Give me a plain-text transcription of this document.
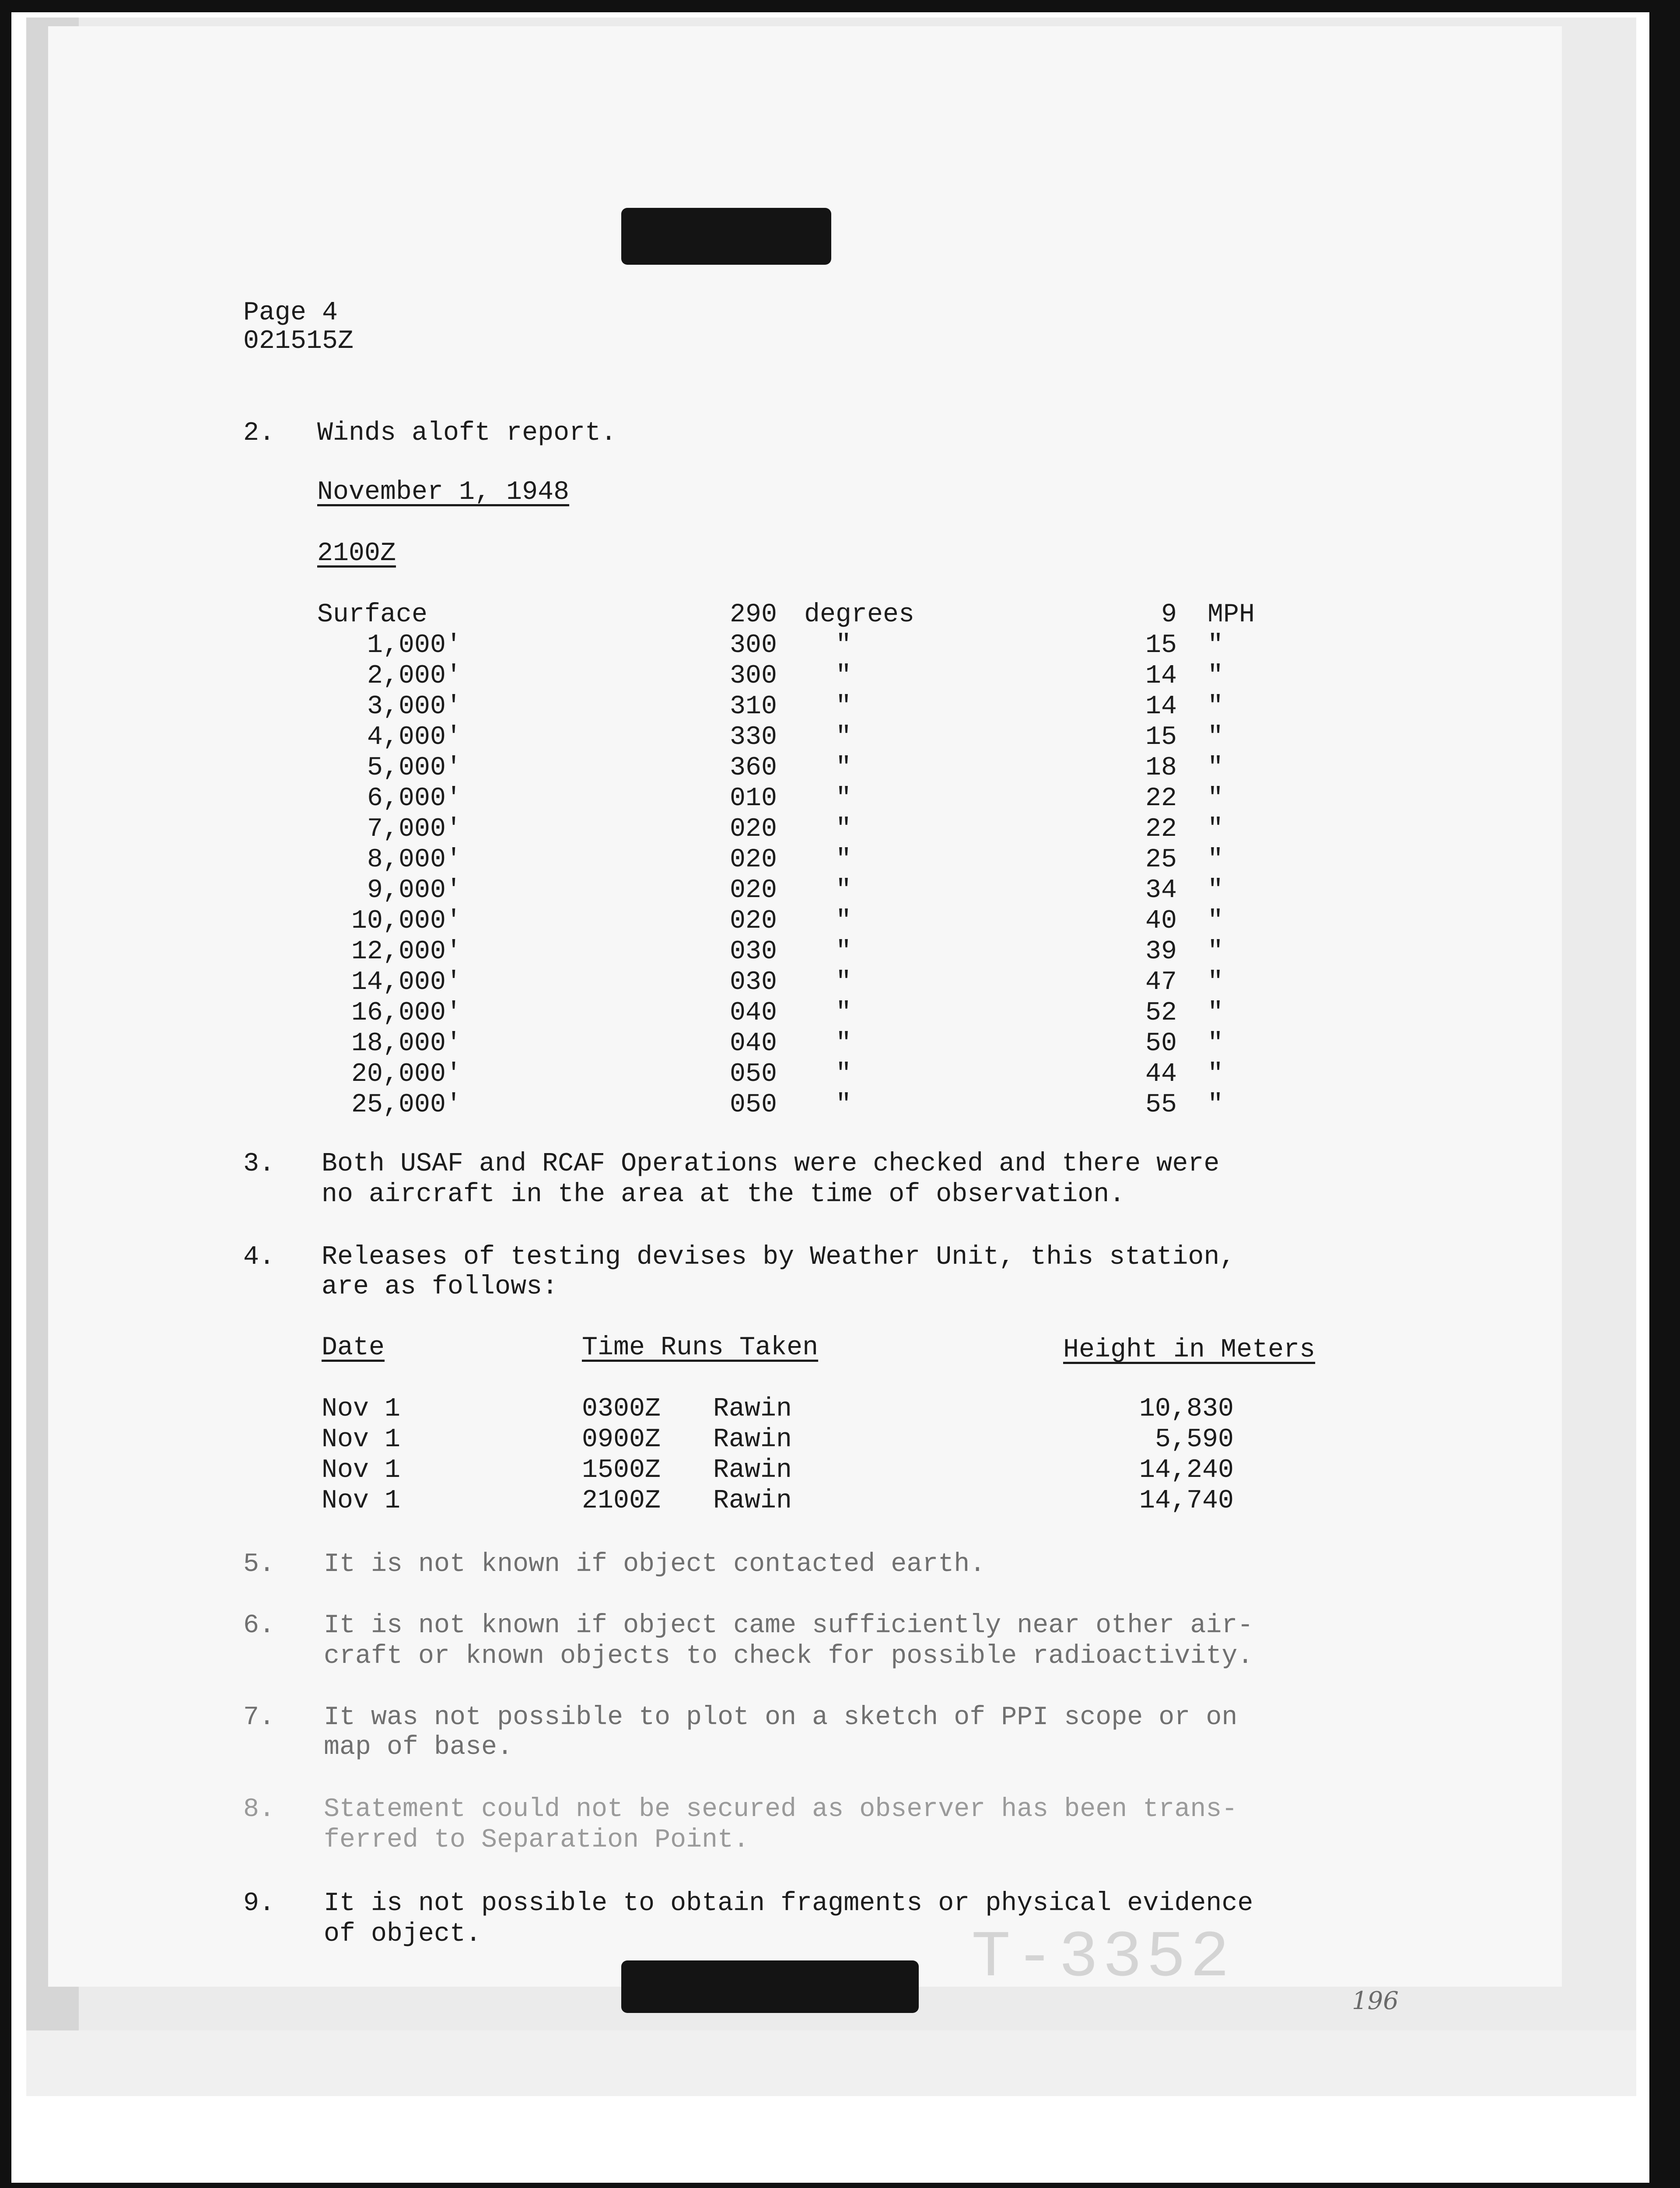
Page 4
021515Z
2. Winds aloft report.
November 1, 1948
2100Z
Surface	290	degrees	9 MPH
1,000'	300	"	15 "
2,000'	300	"	14 "
3,000'	310	"	14 "
4,000'	330	"	15 "
5,000'	360	"	18 "
6,000'	010	"	22 "
7,000'	020	"	22 "
8,000'	020	"	25 "
9,000'	020	"	34 "
10,000'	020	"	40 "
12,000'	030	"	39 "
14,000'	030	"	47 "
16,000'	040	"	52 "
18,000'	040	"	50 "
20,000'	050	"	44 "
25,000'	050	"	55 "
3. Both USAF and RCAF Operations were checked and there were
no aircraft in the area at the time of observation.
4. Releases of testing devises by Weather Unit, this station,
are as follows:
Date	Time Runs Taken	Height in Meters
Nov 1	0300Z	Rawin	10,830
Nov 1	0900Z	Rawin	5,590
Nov 1	1500Z	Rawin	14,240
Nov 1	2100Z	Rawin	14,740
5. It is not known if object contacted earth.
6. It is not known if object came sufficiently near other air-
craft or known objects to check for possible radioactivity.
7. It was not possible to plot on a sketch of PPI scope or on
map of base.
8. Statement could not be secured as observer has been trans-
ferred to Separation Point.
9. It is not possible to obtain fragments or physical evidence
of object.	T-3352
196
